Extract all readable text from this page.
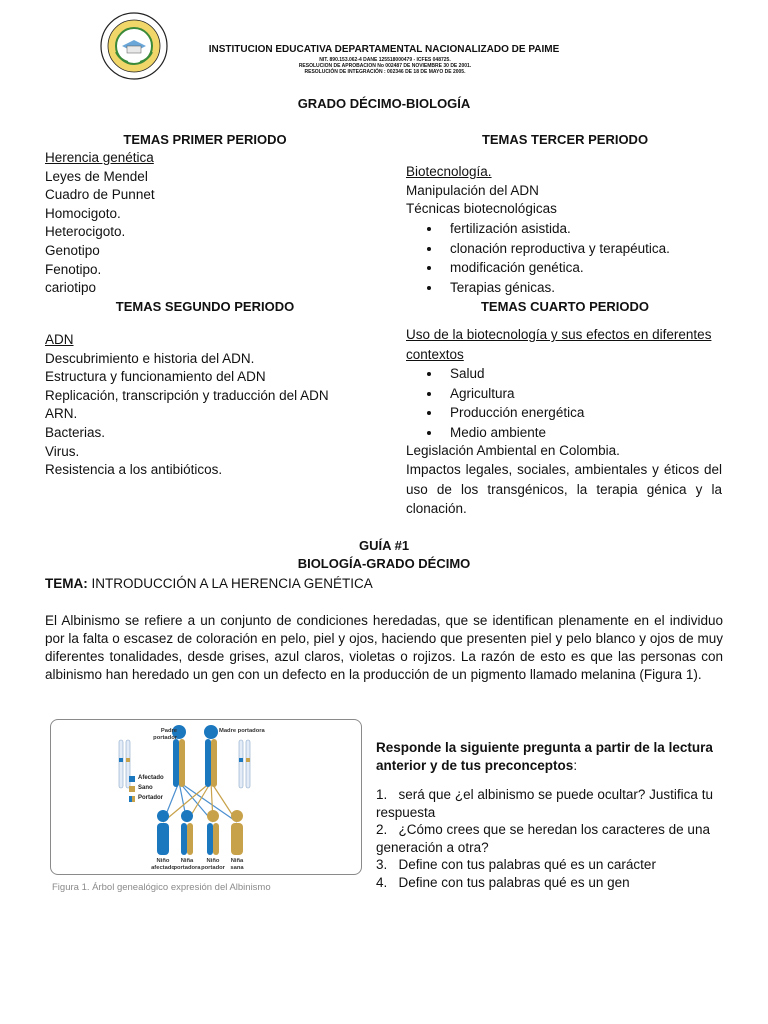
INSTITUCION EDUCATIVA DEPARTAMENTAL NACIONALIZADO DE PAIME
NIT. 890.153.062-4 DANE 125518000479 - ICFES 048725.
RESOLUCION DE APROBACION No 002487 DE NOVIEMBRE 30 DE 2001.
RESOLUCIÓN DE INTEGRACIÓN : 002346 DE 18 DE MAYO DE 2005.
GRADO DÉCIMO-BIOLOGÍA
TEMAS PRIMER PERIODO
Herencia genética
Leyes de Mendel
Cuadro de Punnet
Homocigoto.
Heterocigoto.
Genotipo
Fenotipo.
cariotipo
TEMAS SEGUNDO PERIODO
ADN
Descubrimiento e historia del ADN.
Estructura y funcionamiento del ADN
Replicación, transcripción y traducción del ADN
ARN.
Bacterias.
Virus.
Resistencia a los antibióticos.
TEMAS TERCER PERIODO
Biotecnología.
Manipulación del ADN
Técnicas biotecnológicas
• fertilización asistida.
• clonación reproductiva y terapéutica.
• modificación genética.
• Terapias génicas.
TEMAS CUARTO PERIODO
Uso de la biotecnología y sus efectos en diferentes contextos
• Salud
• Agricultura
• Producción energética
• Medio ambiente
Legislación Ambiental en Colombia.
Impactos legales, sociales, ambientales y éticos del uso de los transgénicos, la terapia génica y la clonación.
GUÍA #1
BIOLOGÍA-GRADO DÉCIMO
TEMA: INTRODUCCIÓN A LA HERENCIA GENÉTICA
El Albinismo se refiere a un conjunto de condiciones heredadas, que se identifican plenamente en el individuo por la falta o escasez de coloración en pelo, piel y ojos, haciendo que presenten piel y pelo blanco y ojos de muy diferentes tonalidades, desde grises, azul claros, violetas o rojizos. La razón de esto es que las personas con albinismo han heredado un gen con un defecto en la producción de un pigmento llamado melanina (Figura 1).
Padre portador
Madre portadora
Afectado
Sano
Portador
Niño
afectado
Niña
portadora
Niño
portador
Niña
sana
Figura 1. Árbol genealógico expresión del Albinismo
Responde la siguiente pregunta a partir de la lectura anterior y de tus preconceptos:
1. será que ¿el albinismo se puede ocultar? Justifica tu
respuesta
2. ¿Cómo crees que se heredan los caracteres de una
generación a otra?
3. Define con tus palabras qué es un carácter
4. Define con tus palabras qué es un gen
